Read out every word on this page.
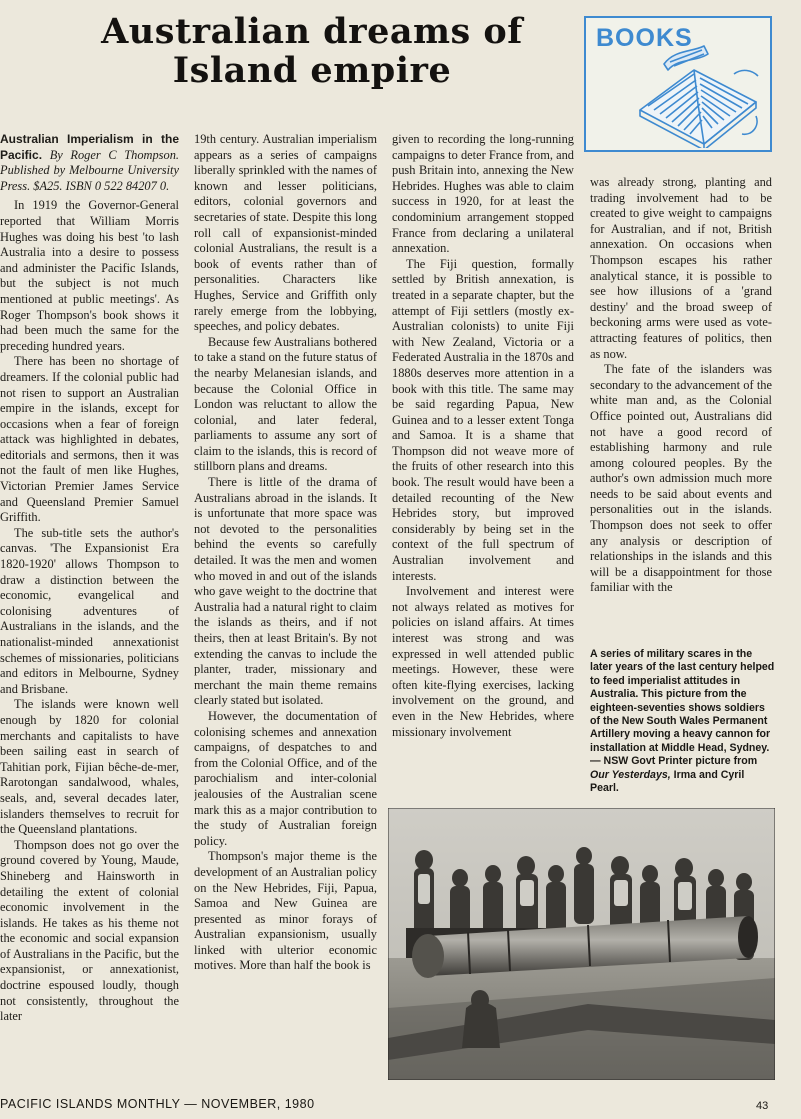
Australian dreams of Island empire
BOOKS

Australian Imperialism in the Pacific. By Roger C Thompson. Published by Melbourne University Press. $A25. ISBN 0 522 84207 0.

In 1919 the Governor-General reported that William Morris Hughes was doing his best 'to lash Australia into a desire to possess and administer the Pacific Islands, but the subject is not much mentioned at public meetings'. As Roger Thompson's book shows it had been much the same for the preceding hundred years.

There has been no shortage of dreamers. If the colonial public had not risen to support an Australian empire in the islands, except for occasions when a fear of foreign attack was highlighted in debates, editorials and sermons, then it was not the fault of men like Hughes, Victorian Premier James Service and Queensland Premier Samuel Griffith.

The sub-title sets the author's canvas. 'The Expansionist Era 1820-1920' allows Thompson to draw a distinction between the economic, evangelical and colonising adventures of Australians in the islands, and the nationalist-minded annexationist schemes of missionaries, politicians and editors in Melbourne, Sydney and Brisbane.

The islands were known well enough by 1820 for colonial merchants and capitalists to have been sailing east in search of Tahitian pork, Fijian bêche-de-mer, Rarotongan sandalwood, whales, seals, and, several decades later, islanders themselves to recruit for the Queensland plantations.

Thompson does not go over the ground covered by Young, Maude, Shineberg and Hainsworth in detailing the extent of colonial economic involvement in the islands. He takes as his theme not the economic and social expansion of Australians in the Pacific, but the expansionist, or annexationist, doctrine espoused loudly, though not consistently, throughout the later

19th century. Australian imperialism appears as a series of campaigns liberally sprinkled with the names of known and lesser politicians, editors, colonial governors and secretaries of state. Despite this long roll call of expansionist-minded colonial Australians, the result is a book of events rather than of personalities. Characters like Hughes, Service and Griffith only rarely emerge from the lobbying, speeches, and policy debates.

Because few Australians bothered to take a stand on the future status of the nearby Melanesian islands, and because the Colonial Office in London was reluctant to allow the colonial, and later federal, parliaments to assume any sort of claim to the islands, this is record of stillborn plans and dreams.

There is little of the drama of Australians abroad in the islands. It is unfortunate that more space was not devoted to the personalities behind the events so carefully detailed. It was the men and women who moved in and out of the islands who gave weight to the doctrine that Australia had a natural right to claim the islands as theirs, and if not theirs, then at least Britain's. By not extending the canvas to include the planter, trader, missionary and merchant the main theme remains clearly stated but isolated.

However, the documentation of colonising schemes and annexation campaigns, of despatches to and from the Colonial Office, and of the parochialism and inter-colonial jealousies of the Australian scene mark this as a major contribution to the study of Australian foreign policy.

Thompson's major theme is the development of an Australian policy on the New Hebrides, Fiji, Papua, Samoa and New Guinea are presented as minor forays of Australian expansionism, usually linked with ulterior economic motives. More than half the book is

given to recording the long-running campaigns to deter France from, and push Britain into, annexing the New Hebrides. Hughes was able to claim success in 1920, for at least the condominium arrangement stopped France from declaring a unilateral annexation.

The Fiji question, formally settled by British annexation, is treated in a separate chapter, but the attempt of Fiji settlers (mostly ex-Australian colonists) to unite Fiji with New Zealand, Victoria or a Federated Australia in the 1870s and 1880s deserves more attention in a book with this title. The same may be said regarding Papua, New Guinea and to a lesser extent Tonga and Samoa. It is a shame that Thompson did not weave more of the fruits of other research into this book. The result would have been a detailed recounting of the New Hebrides story, but improved considerably by being set in the context of the full spectrum of Australian involvement and interests.

Involvement and interest were not always related as motives for policies on island affairs. At times interest was strong and was expressed in well attended public meetings. However, these were often kite-flying exercises, lacking involvement on the ground, and even in the New Hebrides, where missionary involvement

was already strong, planting and trading involvement had to be created to give weight to campaigns for Australian, and if not, British annexation. On occasions when Thompson escapes his rather analytical stance, it is possible to see how illusions of a 'grand destiny' and the broad sweep of beckoning arms were used as vote-attracting features of politics, then as now.

The fate of the islanders was secondary to the advancement of the white man and, as the Colonial Office pointed out, Australians did not have a good record of establishing harmony and rule among coloured peoples. By the author's own admission much more needs to be said about events and personalities out in the islands. Thompson does not seek to offer any analysis or description of relationships in the islands and this will be a disappointment for those familiar with the

A series of military scares in the later years of the last century helped to feed imperialist attitudes in Australia. This picture from the eighteen-seventies shows soldiers of the New South Wales Permanent Artillery moving a heavy cannon for installation at Middle Head, Sydney. — NSW Govt Printer picture from Our Yesterdays, Irma and Cyril Pearl.

PACIFIC ISLANDS MONTHLY — NOVEMBER, 1980	43
